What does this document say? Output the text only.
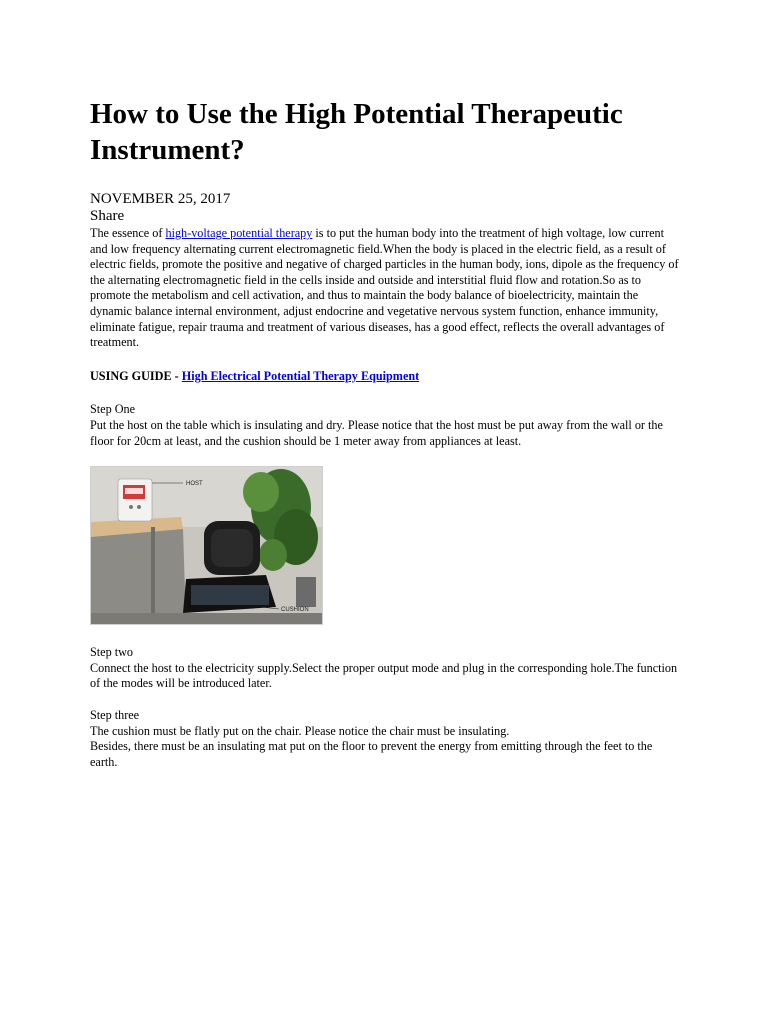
How to Use the High Potential Therapeutic Instrument?
NOVEMBER 25, 2017
Share

The essence of high-voltage potential therapy is to put the human body into the treatment of high voltage, low current and low frequency alternating current electromagnetic field.When the body is placed in the electric field, as a result of electric fields, promote the positive and negative of charged particles in the human body, ions, dipole as the frequency of the alternating electromagnetic field in the cells inside and outside and interstitial fluid flow and rotation.So as to promote the metabolism and cell activation, and thus to maintain the body balance of bioelectricity, maintain the dynamic balance internal environment, adjust endocrine and vegetative nervous system function, enhance immunity, eliminate fatigue, repair trauma and treatment of various diseases, has a good effect, reflects the overall advantages of treatment.

USING GUIDE - High Electrical Potential Therapy Equipment

Step One
Put the host on the table which is insulating and dry. Please notice that the host must be put away from the wall or the floor for 20cm at least, and the cushion should be 1 meter away from appliances at least.
HOST
CUSHION
Step two
Connect the host to the electricity supply.Select the proper output mode and plug in the corresponding hole.The function of the modes will be introduced later.
Step three
The cushion must be flatly put on the chair. Please notice the chair must be insulating.
Besides, there must be an insulating mat put on the floor to prevent the energy from emitting through the feet to the earth.
